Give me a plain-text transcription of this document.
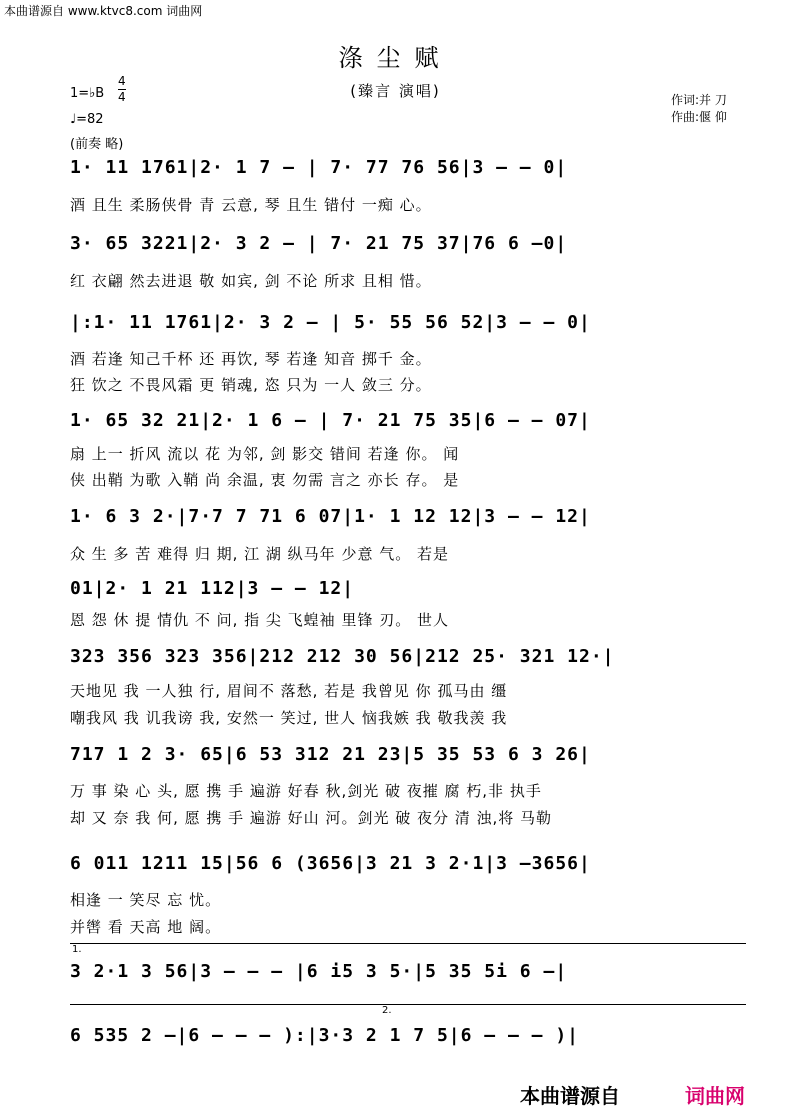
本曲谱源自 www.ktvc8.com 词曲网
涤尘赋
(臻言 演唱)
1=♭B
4
4
♩=82
作词:并 刀
作曲:偃 仰
(前奏 略)
1· 11 1761|2· 1 7 – | 7· 77 76 56|3 – – 0|
酒 且生 柔肠侠骨 青 云意, 琴 且生 错付 一痴 心。
3· 65 3221|2· 3 2 – | 7· 21 75 37|76 6 –0|
红 衣翩 然去进退 敬 如宾, 剑 不论 所求 且相 惜。
|:1· 11 1761|2· 3 2 – | 5· 55 56 52|3 – – 0|
酒 若逢 知己千杯 还 再饮, 琴 若逢 知音 掷千 金。
狂 饮之 不畏风霜 更 销魂, 恣 只为 一人 敛三 分。
1· 65 32 21|2· 1 6 – | 7· 21 75 35|6 – – 07|
扇 上一 折风 流以 花 为邻, 剑 影交 错间 若逢 你。 闻
侠 出鞘 为歌 入鞘 尚 余温, 衷 勿需 言之 亦长 存。 是
1· 6 3 2·|7·7 7 71 6 07|1· 1 12 12|3 – – 12|
众 生 多 苦 难得 归 期, 江 湖 纵马年 少意 气。 若是
01|2· 1 21 112|3 – – 12|
恩 怨 休 提 情仇 不 问, 指 尖 飞蝗袖 里锋 刃。 世人
323 356 323 356|212 212 30 56|212 25· 321 12·|
天地见 我 一人独 行, 眉间不 落愁, 若是 我曾见 你 孤马由 缰
嘲我风 我 讥我谤 我, 安然一 笑过, 世人 恼我嫉 我 敬我羡 我
717 1 2 3· 65|6 53 312 21 23|5 35 53 6 3 26|
万 事 染 心 头, 愿 携 手 遍游 好春 秋,剑光 破 夜摧 腐 朽,非 执手
却 又 奈 我 何, 愿 携 手 遍游 好山 河。剑光 破 夜分 清 浊,将 马勒
6 011 1211 15|56 6 (3656|3 21 3 2·1|3 –3656|
相逢 一 笑尽 忘 忧。
并辔 看 天高 地 阔。
1.
3 2·1 3 56|3 – – – |6 i5 3 5·|5 35 5i 6 –|
2.
6 535 2 –|6 – – – ):|3·3 2 1 7 5|6 – – – )|
本曲谱源自	词曲网
